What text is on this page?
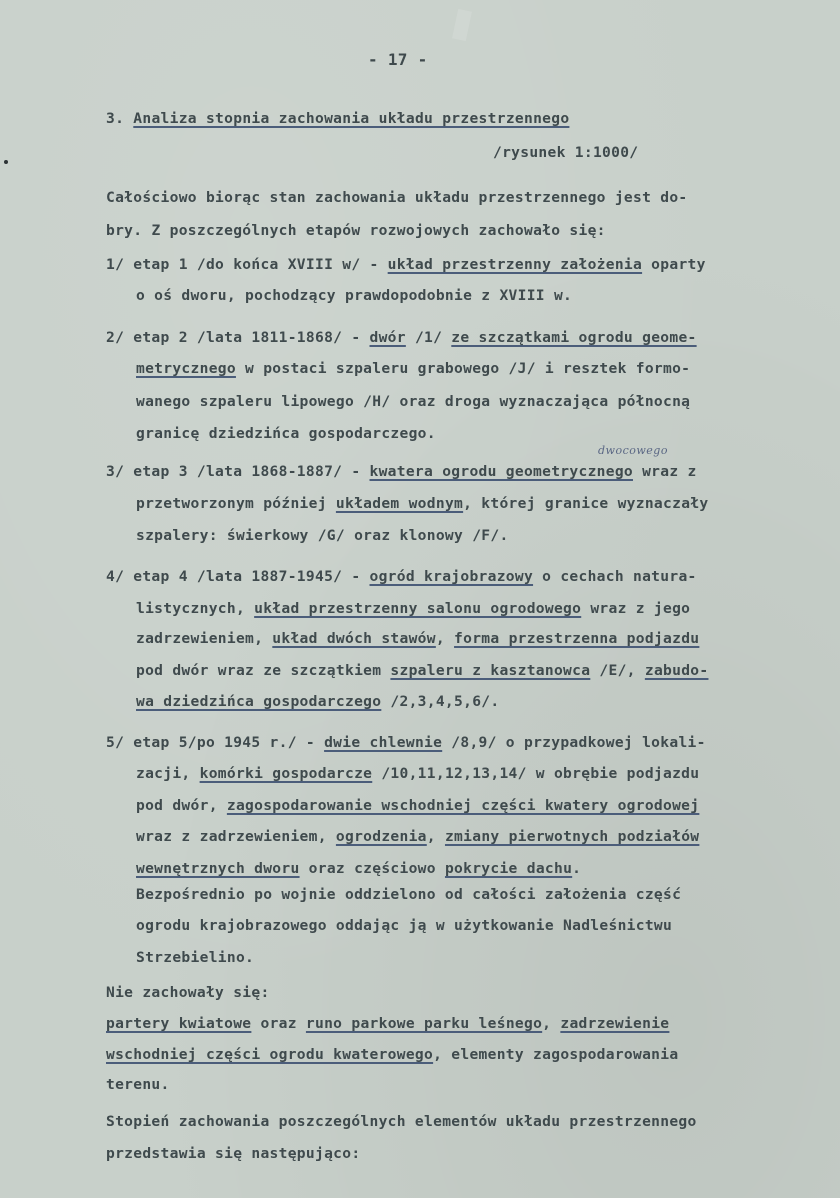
- 17 -
3. Analiza stopnia zachowania układu przestrzennego
/rysunek 1:1000/
Całościowo biorąc stan zachowania układu przestrzennego jest do-
bry. Z poszczególnych etapów rozwojowych zachowało się:
1/ etap 1 /do końca XVIII w/ - układ przestrzenny założenia oparty
o oś dworu, pochodzący prawdopodobnie z XVIII w.
2/ etap 2 /lata 1811-1868/ - dwór /1/ ze szczątkami ogrodu geome-
metrycznego w postaci szpaleru grabowego /J/ i resztek formo-
wanego szpaleru lipowego /H/ oraz droga wyznaczająca północną
granicę dziedzińca gospodarczego.
dwocowego
3/ etap 3 /lata 1868-1887/ - kwatera ogrodu geometrycznego wraz z
przetworzonym później układem wodnym, której granice wyznaczały
szpalery: świerkowy /G/ oraz klonowy /F/.
4/ etap 4 /lata 1887-1945/ - ogród krajobrazowy o cechach natura-
listycznych, układ przestrzenny salonu ogrodowego wraz z jego
zadrzewieniem, układ dwóch stawów, forma przestrzenna podjazdu
pod dwór wraz ze szczątkiem szpaleru z kasztanowca /E/, zabudo-
wa dziedzińca gospodarczego /2,3,4,5,6/.
5/ etap 5/po 1945 r./ - dwie chlewnie /8,9/ o przypadkowej lokali-
zacji, komórki gospodarcze /10,11,12,13,14/ w obrębie podjazdu
pod dwór, zagospodarowanie wschodniej części kwatery ogrodowej
wraz z zadrzewieniem, ogrodzenia, zmiany pierwotnych podziałów
wewnętrznych dworu oraz częściowo pokrycie dachu.
Bezpośrednio po wojnie oddzielono od całości założenia część
ogrodu krajobrazowego oddając ją w użytkowanie Nadleśnictwu
Strzebielino.
Nie zachowały się:
partery kwiatowe oraz runo parkowe parku leśnego, zadrzewienie
wschodniej części ogrodu kwaterowego, elementy zagospodarowania
terenu.
Stopień zachowania poszczególnych elementów układu przestrzennego
przedstawia się następująco:
